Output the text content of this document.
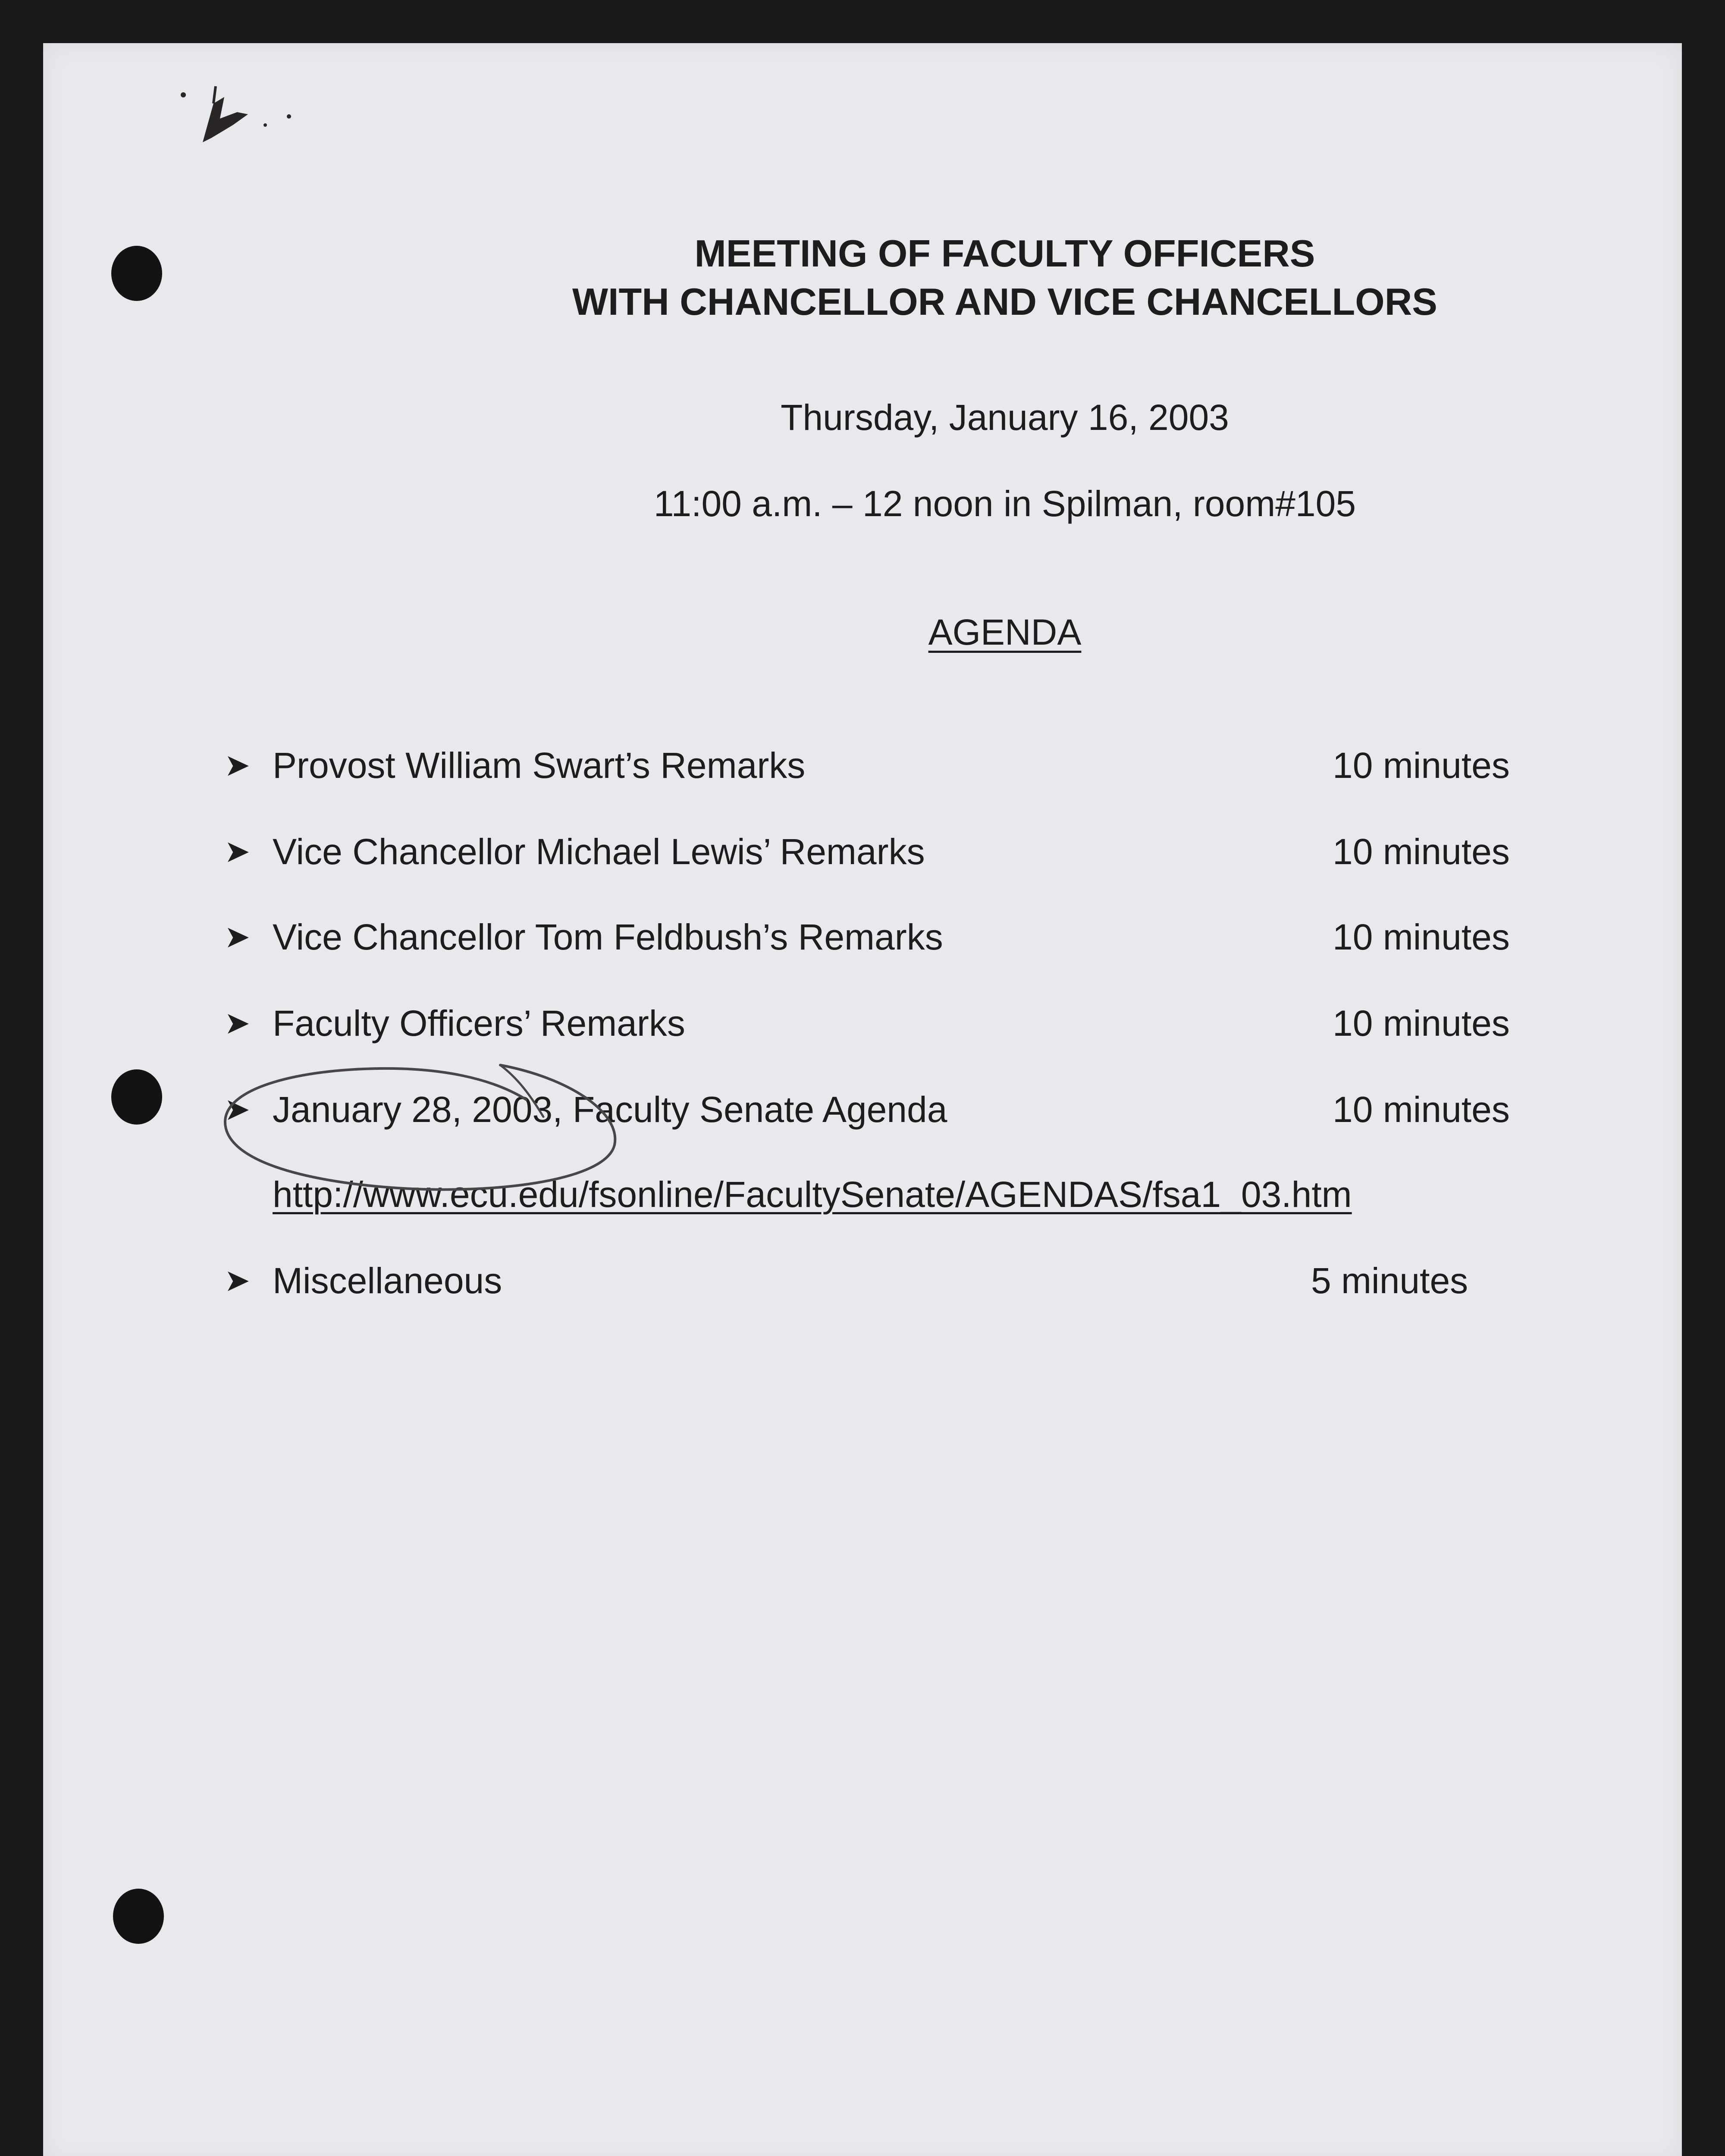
MEETING OF FACULTY OFFICERS
WITH CHANCELLOR AND VICE CHANCELLORS

Thursday, January 16, 2003

11:00 a.m. – 12 noon in Spilman, room#105

AGENDA
➤ Provost William Swart’s Remarks	10 minutes
➤ Vice Chancellor Michael Lewis’ Remarks	10 minutes
➤ Vice Chancellor Tom Feldbush’s Remarks	10 minutes
➤ Faculty Officers’ Remarks	10 minutes
➤ January 28, 2003, Faculty Senate Agenda	10 minutes
http://www.ecu.edu/fsonline/FacultySenate/AGENDAS/fsa1_03.htm
➤ Miscellaneous	5 minutes
